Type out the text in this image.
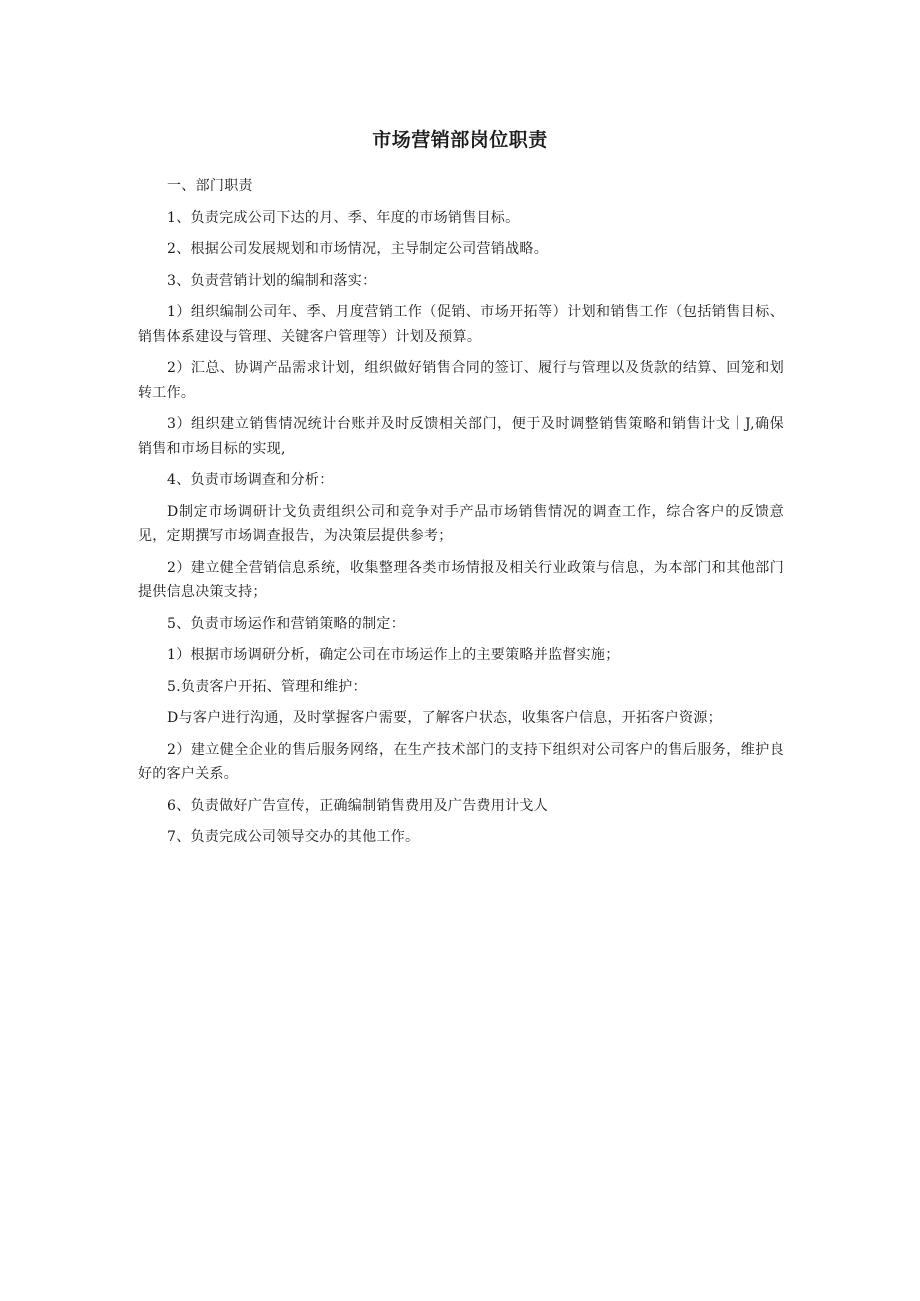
市场营销部岗位职责

一、部门职责

1、负责完成公司下达的月、季、年度的市场销售目标。

2、根据公司发展规划和市场情况，主导制定公司营销战略。

3、负责营销计划的编制和落实：

1）组织编制公司年、季、月度营销工作（促销、市场开拓等）计划和销售工作（包括销售目标、销售体系建设与管理、关键客户管理等）计划及预算。

2）汇总、协调产品需求计划，组织做好销售合同的签订、履行与管理以及货款的结算、回笼和划转工作。

3）组织建立销售情况统计台账并及时反馈相关部门，便于及时调整销售策略和销售计戈｜J,确保销售和市场目标的实现,

4、负责市场调查和分析：

D制定市场调研计戈负责组织公司和竞争对手产品市场销售情况的调查工作，综合客户的反馈意见，定期撰写市场调查报告，为决策层提供参考；

2）建立健全营销信息系统，收集整理各类市场情报及相关行业政策与信息，为本部门和其他部门提供信息决策支持；

5、负责市场运作和营销策略的制定：

1）根据市场调研分析，确定公司在市场运作上的主要策略并监督实施；

5.负责客户开拓、管理和维护：

D与客户进行沟通，及时掌握客户需要，了解客户状态，收集客户信息，开拓客户资源；

2）建立健全企业的售后服务网络，在生产技术部门的支持下组织对公司客户的售后服务，维护良好的客户关系。

6、负责做好广告宣传，正确编制销售费用及广告费用计戈人

7、负责完成公司领导交办的其他工作。
